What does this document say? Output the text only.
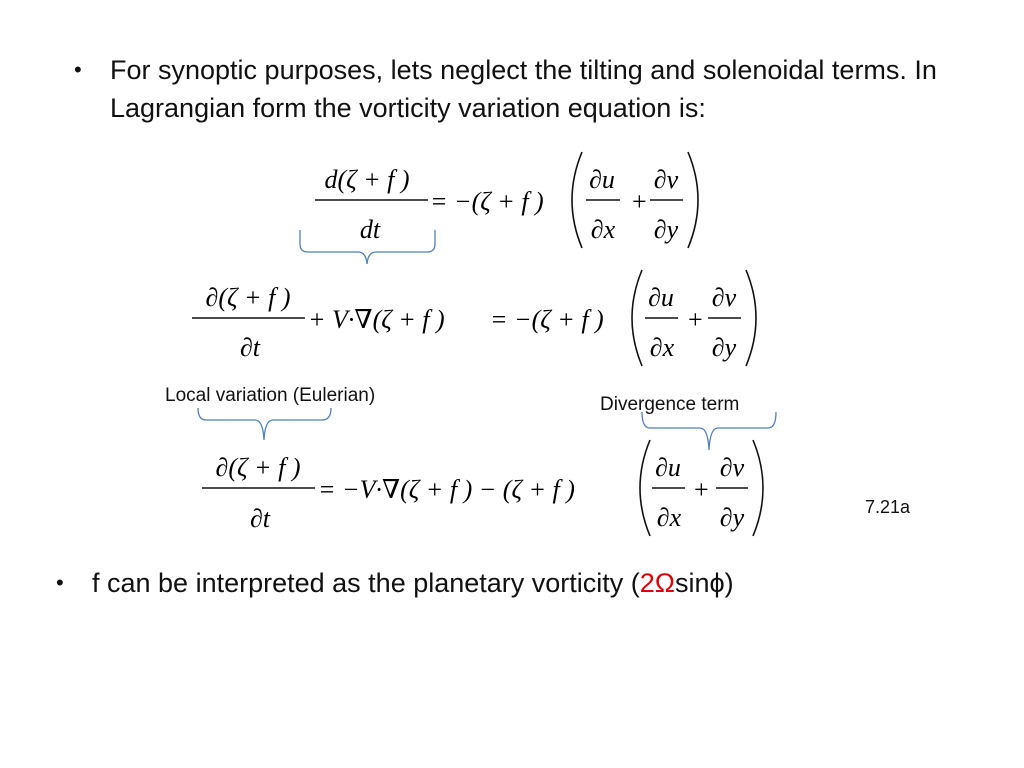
• For synoptic purposes, lets neglect the tilting and solenoidal terms. In Lagrangian form the vorticity variation equation is:
d(ζ + f )
dt
= −(ζ + f )
∂u
∂x
+
∂v
∂y
∂(ζ + f )
∂t
+ V·∇(ζ + f ) = −(ζ + f )
∂u
∂x
+
∂v
∂y
∂(ζ + f )
∂t
= −V·∇(ζ + f ) − (ζ + f )
∂u
∂x
+
∂v
∂y
Local variation (Eulerian)	Divergence term
7.21a
• f can be interpreted as the planetary vorticity (2Ωsinϕ)
